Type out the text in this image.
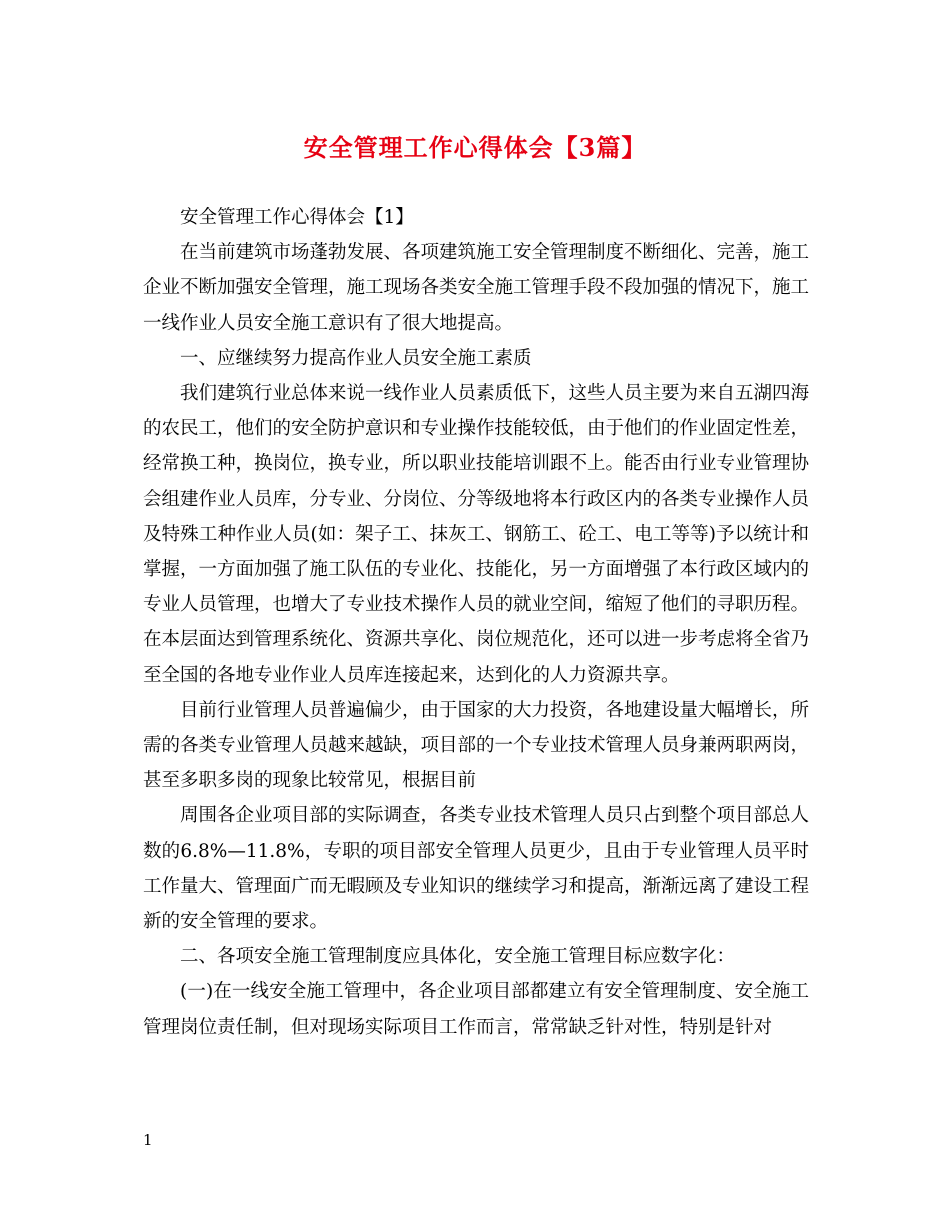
安全管理工作心得体会【3篇】

安全管理工作心得体会【1】

在当前建筑市场蓬勃发展、各项建筑施工安全管理制度不断细化、完善，施工企业不断加强安全管理，施工现场各类安全施工管理手段不段加强的情况下，施工一线作业人员安全施工意识有了很大地提高。

一、应继续努力提高作业人员安全施工素质

我们建筑行业总体来说一线作业人员素质低下，这些人员主要为来自五湖四海的农民工，他们的安全防护意识和专业操作技能较低，由于他们的作业固定性差，经常换工种，换岗位，换专业，所以职业技能培训跟不上。能否由行业专业管理协会组建作业人员库，分专业、分岗位、分等级地将本行政区内的各类专业操作人员及特殊工种作业人员(如：架子工、抹灰工、钢筋工、砼工、电工等等)予以统计和掌握，一方面加强了施工队伍的专业化、技能化，另一方面增强了本行政区域内的专业人员管理，也增大了专业技术操作人员的就业空间，缩短了他们的寻职历程。在本层面达到管理系统化、资源共享化、岗位规范化，还可以进一步考虑将全省乃至全国的各地专业作业人员库连接起来，达到化的人力资源共享。

目前行业管理人员普遍偏少，由于国家的大力投资，各地建设量大幅增长，所需的各类专业管理人员越来越缺，项目部的一个专业技术管理人员身兼两职两岗，甚至多职多岗的现象比较常见，根据目前

周围各企业项目部的实际调查，各类专业技术管理人员只占到整个项目部总人数的6.8%—11.8%，专职的项目部安全管理人员更少，且由于专业管理人员平时工作量大、管理面广而无暇顾及专业知识的继续学习和提高，渐渐远离了建设工程新的安全管理的要求。

二、各项安全施工管理制度应具体化，安全施工管理目标应数字化：

(一)在一线安全施工管理中，各企业项目部都建立有安全管理制度、安全施工管理岗位责任制，但对现场实际项目工作而言，常常缺乏针对性，特别是针对

1
